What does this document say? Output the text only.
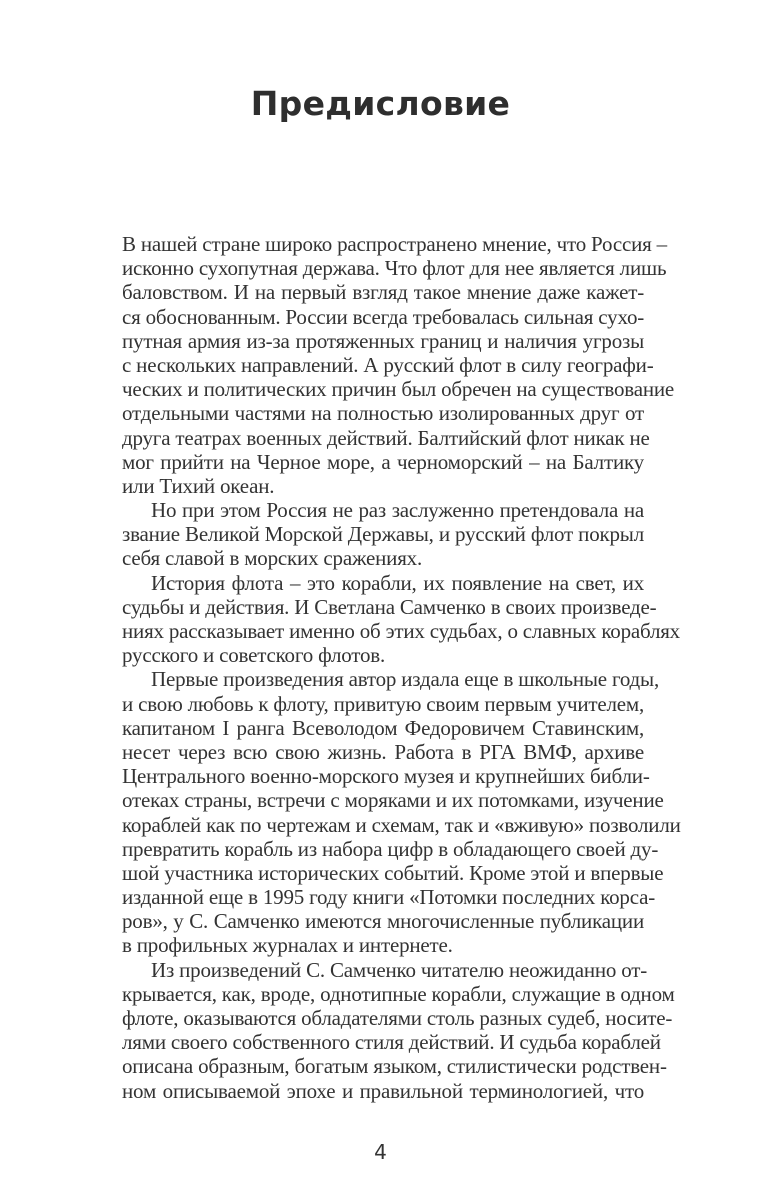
Предисловие
В нашей стране широко распространено мнение, что Россия –
исконно сухопутная держава. Что флот для нее является лишь
баловством. И на первый взгляд такое мнение даже кажет-
ся обоснованным. России всегда требовалась сильная сухо-
путная армия из-за протяженных границ и наличия угрозы
с нескольких направлений. А русский флот в силу географи-
ческих и политических причин был обречен на существование
отдельными частями на полностью изолированных друг от
друга театрах военных действий. Балтийский флот никак не
мог прийти на Черное море, а черноморский – на Балтику
или Тихий океан.
Но при этом Россия не раз заслуженно претендовала на
звание Великой Морской Державы, и русский флот покрыл
себя славой в морских сражениях.
История флота – это корабли, их появление на свет, их
судьбы и действия. И Светлана Самченко в своих произведе-
ниях рассказывает именно об этих судьбах, о славных кораблях
русского и советского флотов.
Первые произведения автор издала еще в школьные годы,
и свою любовь к флоту, привитую своим первым учителем,
капитаном I ранга Всеволодом Федоровичем Ставинским,
несет через всю свою жизнь. Работа в РГА ВМФ, архиве
Центрального военно-морского музея и крупнейших библи-
отеках страны, встречи с моряками и их потомками, изучение
кораблей как по чертежам и схемам, так и «вживую» позволили
превратить корабль из набора цифр в обладающего своей ду-
шой участника исторических событий. Кроме этой и впервые
изданной еще в 1995 году книги «Потомки последних корса-
ров», у С. Самченко имеются многочисленные публикации
в профильных журналах и интернете.
Из произведений С. Самченко читателю неожиданно от-
крывается, как, вроде, однотипные корабли, служащие в одном
флоте, оказываются обладателями столь разных судеб, носите-
лями своего собственного стиля действий. И судьба кораблей
описана образным, богатым языком, стилистически родствен-
ном описываемой эпохе и правильной терминологией, что
4
